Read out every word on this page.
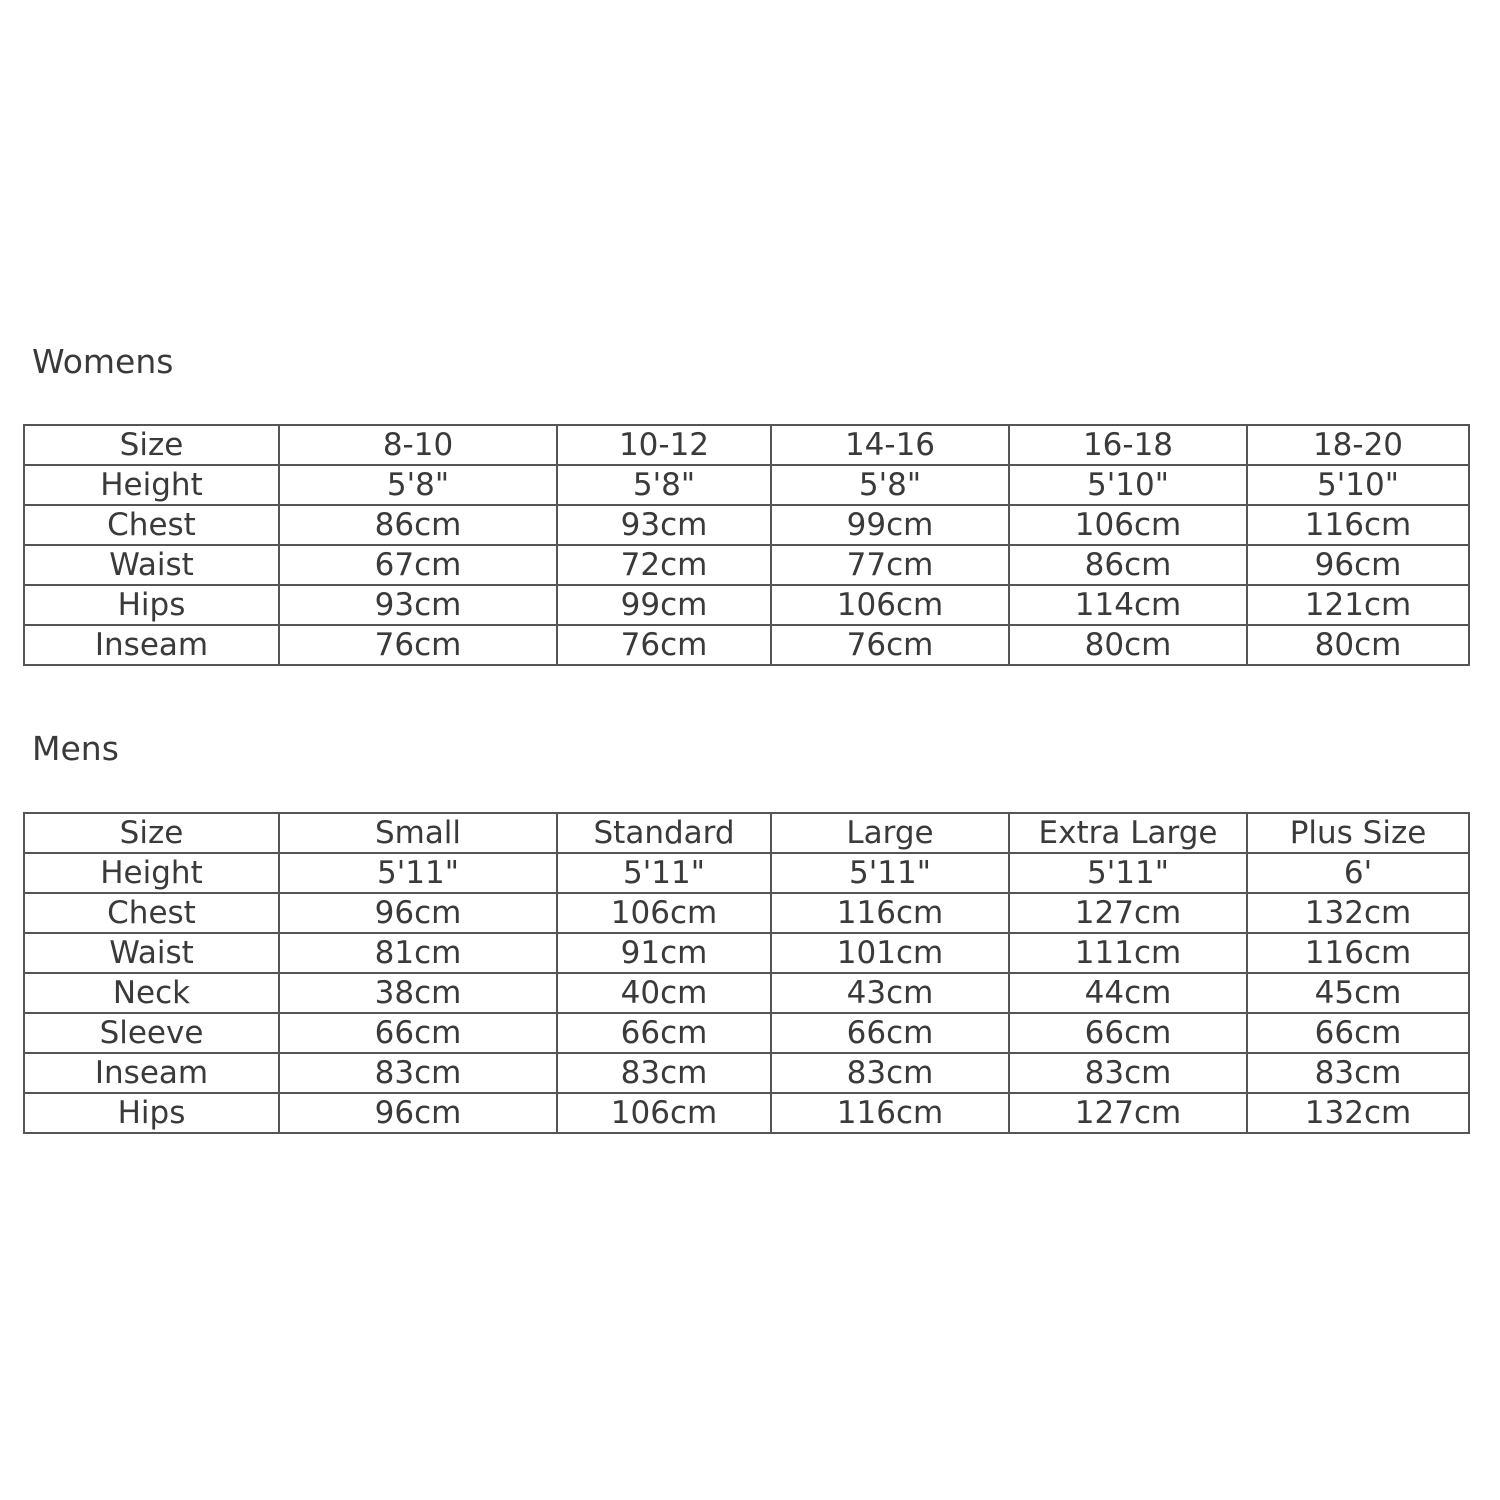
Womens
Size	8-10	10-12	14-16	16-18	18-20
Height	5'8"	5'8"	5'8"	5'10"	5'10"
Chest	86cm	93cm	99cm	106cm	116cm
Waist	67cm	72cm	77cm	86cm	96cm
Hips	93cm	99cm	106cm	114cm	121cm
Inseam	76cm	76cm	76cm	80cm	80cm
Mens
Size	Small	Standard	Large	Extra Large	Plus Size
Height	5'11"	5'11"	5'11"	5'11"	6'
Chest	96cm	106cm	116cm	127cm	132cm
Waist	81cm	91cm	101cm	111cm	116cm
Neck	38cm	40cm	43cm	44cm	45cm
Sleeve	66cm	66cm	66cm	66cm	66cm
Inseam	83cm	83cm	83cm	83cm	83cm
Hips	96cm	106cm	116cm	127cm	132cm
